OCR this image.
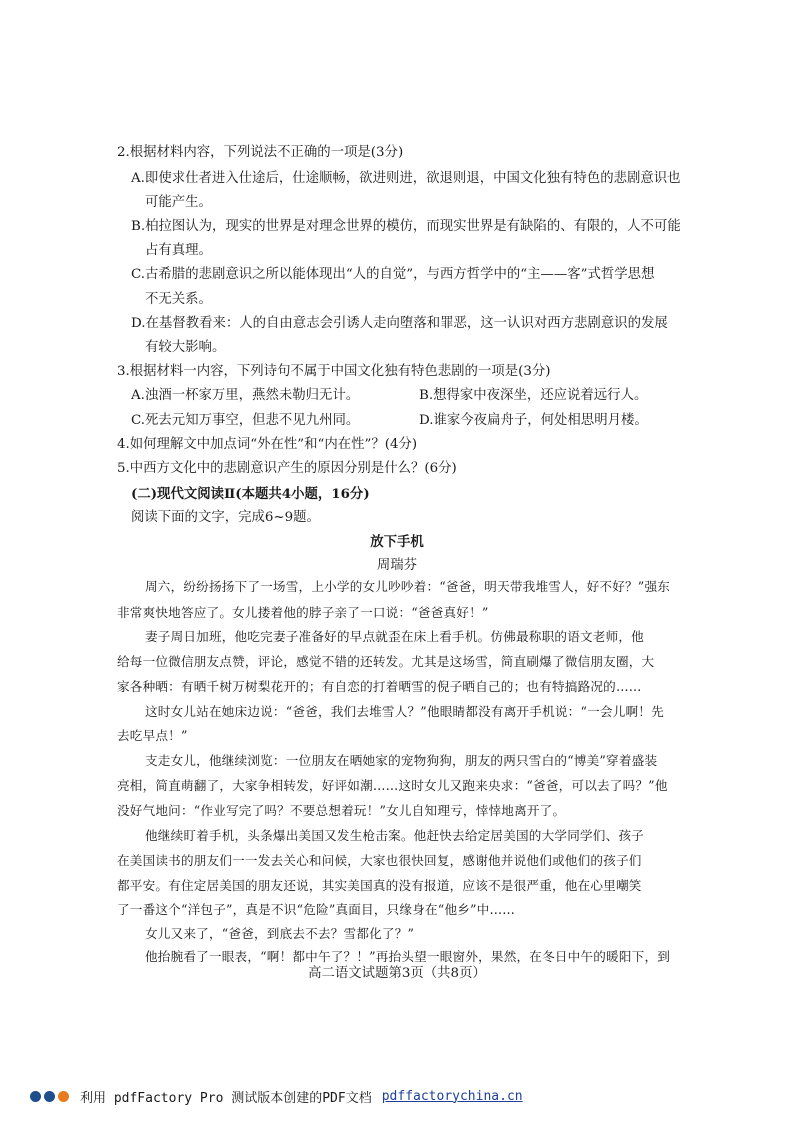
2.根据材料内容，下列说法不正确的一项是(3分)
A.即使求仕者进入仕途后，仕途顺畅，欲进则进，欲退则退，中国文化独有特色的悲剧意识也
可能产生。
B.柏拉图认为，现实的世界是对理念世界的模仿，而现实世界是有缺陷的、有限的，人不可能
占有真理。
C.古希腊的悲剧意识之所以能体现出“人的自觉”，与西方哲学中的“主——客”式哲学思想
不无关系。
D.在基督教看来：人的自由意志会引诱人走向堕落和罪恶，这一认识对西方悲剧意识的发展
有较大影响。
3.根据材料一内容，下列诗句不属于中国文化独有特色悲剧的一项是(3分)
A.浊酒一杯家万里，燕然未勒归无计。	B.想得家中夜深坐，还应说着远行人。
C.死去元知万事空，但悲不见九州同。	D.谁家今夜扁舟子，何处相思明月楼。
4.如何理解文中加点词“外在性”和“内在性”？(4分)
5.中西方文化中的悲剧意识产生的原因分别是什么？(6分)
(二)现代文阅读Ⅱ(本题共4小题，16分)
阅读下面的文字，完成6~9题。
放下手机
周瑞芬
周六，纷纷扬扬下了一场雪，上小学的女儿吵吵着：“爸爸，明天带我堆雪人，好不好？”强东
非常爽快地答应了。女儿搂着他的脖子亲了一口说：“爸爸真好！”
妻子周日加班，他吃完妻子准备好的早点就歪在床上看手机。仿佛最称职的语文老师，他
给每一位微信朋友点赞，评论，感觉不错的还转发。尤其是这场雪，简直刷爆了微信朋友圈，大
家各种晒：有晒千树万树梨花开的；有自恋的打着晒雪的倪子晒自己的；也有特搞路况的……
这时女儿站在她床边说：“爸爸，我们去堆雪人？”他眼睛都没有离开手机说：“一会儿啊！先
去吃早点！”
支走女儿，他继续浏览：一位朋友在晒她家的宠物狗狗，朋友的两只雪白的“博美”穿着盛装
亮相，简直萌翻了，大家争相转发，好评如潮……这时女儿又跑来央求：“爸爸，可以去了吗？”他
没好气地问：“作业写完了吗？不要总想着玩！”女儿自知理亏，悻悻地离开了。
他继续盯着手机，头条爆出美国又发生枪击案。他赶快去给定居美国的大学同学们、孩子
在美国读书的朋友们一一发去关心和问候，大家也很快回复，感谢他并说他们或他们的孩子们
都平安。有住定居美国的朋友还说，其实美国真的没有报道，应该不是很严重，他在心里嘲笑
了一番这个“洋包子”，真是不识“危险”真面目，只缘身在“他乡”中……
女儿又来了，“爸爸，到底去不去？雪都化了？”
他抬腕看了一眼表，“啊！都中午了？！”再抬头望一眼窗外，果然，在冬日中午的暖阳下，到
高二语文试题第3页（共8页）
利用 pdfFactory Pro 测试版本创建的PDF文档 pdffactorychina.cn
